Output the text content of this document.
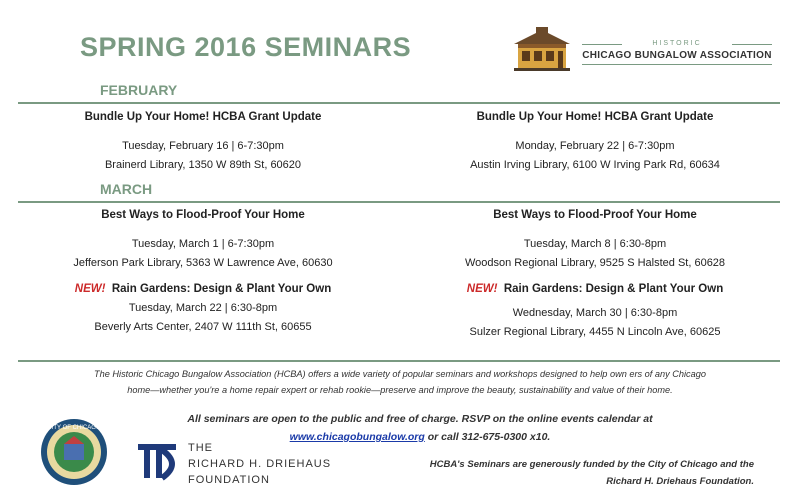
SPRING 2016 SEMINARS	HISTORIC
CHICAGO BUNGALOW ASSOCIATION
FEBRUARY
Bundle Up Your Home! HCBA Grant Update
Tuesday, February 16 | 6-7:30pm
Brainerd Library, 1350 W 89th St, 60620
Bundle Up Your Home! HCBA Grant Update
Monday, February 22 | 6-7:30pm
Austin Irving Library, 6100 W Irving Park Rd, 60634
MARCH
Best Ways to Flood-Proof Your Home
Tuesday, March 1 | 6-7:30pm
Jefferson Park Library, 5363 W Lawrence Ave, 60630
NEW! Rain Gardens: Design & Plant Your Own
Tuesday, March 22 | 6:30-8pm
Beverly Arts Center, 2407 W 111th St, 60655
Best Ways to Flood-Proof Your Home
Tuesday, March 8 | 6:30-8pm
Woodson Regional Library, 9525 S Halsted St, 60628
NEW! Rain Gardens: Design & Plant Your Own
Wednesday, March 30 | 6:30-8pm
Sulzer Regional Library, 4455 N Lincoln Ave, 60625
The Historic Chicago Bungalow Association (HCBA) offers a wide variety of popular seminars and workshops designed to help own ers of any Chicago
home—whether you're a home repair expert or rehab rookie—preserve and improve the beauty, sustainability and value of their home.
All seminars are open to the public and free of charge. RSVP on the online events calendar at
www.chicagobungalow.org or call 312-675-0300 x10.
CITY OF CHICAGO
THE
RICHARD H. DRIEHAUS
FOUNDATION
HCBA's Seminars are generously funded by the City of Chicago and the
Richard H. Driehaus Foundation.
